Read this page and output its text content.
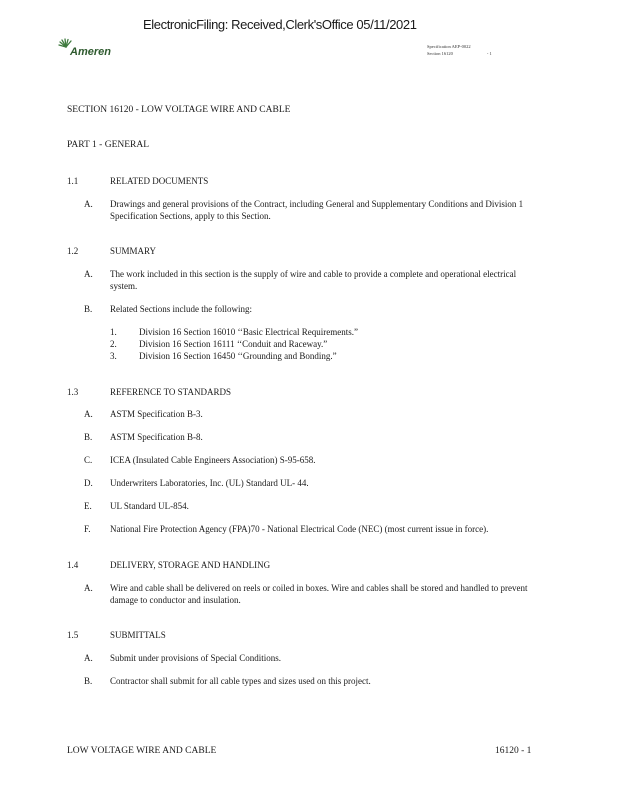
ElectronicFiling: Received,Clerk'sOffice 05/11/2021
Ameren	Specification AEP-0022
Section 16120	- 1
SECTION 16120 - LOW VOLTAGE WIRE AND CABLE
PART 1 - GENERAL
1.1	RELATED DOCUMENTS
A. Drawings and general provisions of the Contract, including General and Supplementary Conditions and Division 1 Specification Sections, apply to this Section.
1.2	SUMMARY
A. The work included in this section is the supply of wire and cable to provide a complete and operational electrical system.
B. Related Sections include the following:
1. Division 16 Section 16010 ‘‘Basic Electrical Requirements.”
2. Division 16 Section 16111 ‘‘Conduit and Raceway.”
3. Division 16 Section 16450 ‘‘Grounding and Bonding.”
1.3	REFERENCE TO STANDARDS
A. ASTM Specification B-3.
B. ASTM Specification B-8.
C. ICEA (Insulated Cable Engineers Association) S-95-658.
D. Underwriters Laboratories, Inc. (UL) Standard UL- 44.
E. UL Standard UL-854.
F. National Fire Protection Agency (FPA)70 - National Electrical Code (NEC) (most current issue in force).
1.4	DELIVERY, STORAGE AND HANDLING
A. Wire and cable shall be delivered on reels or coiled in boxes. Wire and cables shall be stored and handled to prevent damage to conductor and insulation.
1.5	SUBMITTALS
A. Submit under provisions of Special Conditions.
B. Contractor shall submit for all cable types and sizes used on this project.
LOW VOLTAGE WIRE AND CABLE	16120 - 1
